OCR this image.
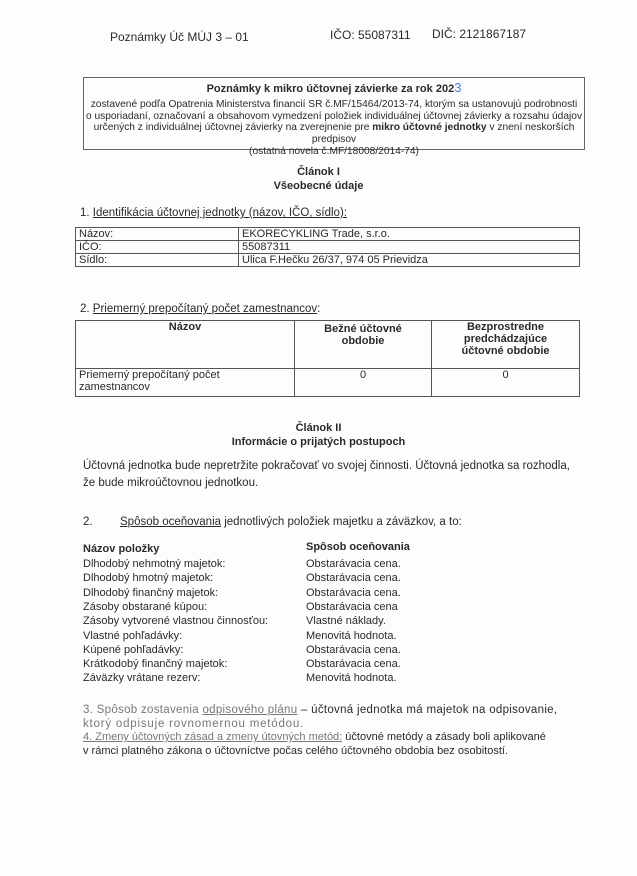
Poznámky Úč MÚJ 3 – 01	IČO: 55087311 DIČ: 2121867187
Poznámky k mikro účtovnej závierke za rok 2023
zostavené podľa Opatrenia Ministerstva financií SR č.MF/15464/2013-74, ktorým sa ustanovujú podrobnosti
o usporiadaní, označovaní a obsahovom vymedzení položiek individuálnej účtovnej závierky a rozsahu údajov
určených z individuálnej účtovnej závierky na zverejnenie pre mikro účtovné jednotky v znení neskorších predpisov
(ostatná novela č.MF/18008/2014-74)
Článok I
Všeobecné údaje
1. Identifikácia účtovnej jednotky (názov, IČO, sídlo):
Názov:	EKORECYKLING Trade, s.r.o.
IČO:	55087311
Sídlo:	Ulica F.Hečku 26/37, 974 05 Prievidza
2. Priemerný prepočítaný počet zamestnancov:
Názov	Bežné účtovné obdobie	Bezprostredne predchádzajúce účtovné obdobie
Priemerný prepočítaný počet zamestnancov	0	0
Článok II
Informácie o prijatých postupoch
Účtovná jednotka bude nepretržite pokračovať vo svojej činnosti. Účtovná jednotka sa rozhodla,
že bude mikroúčtovnou jednotkou.
2. Spôsob oceňovania jednotlivých položiek majetku a záväzkov, a to:
Názov položky	Spôsob oceňovania
Dlhodobý nehmotný majetok:	Obstarávacia cena.
Dlhodobý hmotný majetok:	Obstarávacia cena.
Dlhodobý finančný majetok:	Obstarávacia cena.
Zásoby obstarané kúpou:	Obstarávacia cena
Zásoby vytvorené vlastnou činnosťou:	Vlastné náklady.
Vlastné pohľadávky:	Menovitá hodnota.
Kúpené pohľadávky:	Obstarávacia cena.
Krátkodobý finančný majetok:	Obstarávacia cena.
Záväzky vrátane rezerv:	Menovitá hodnota.
3. Spôsob zostavenia odpisového plánu – účtovná jednotka má majetok na odpisovanie,
ktorý odpisuje rovnomernou metódou.
4. Zmeny účtovných zásad a zmeny útovných metód: účtovné metódy a zásady boli aplikované
v rámci platného zákona o účtovníctve počas celého účtovného obdobia bez osobitostí.
